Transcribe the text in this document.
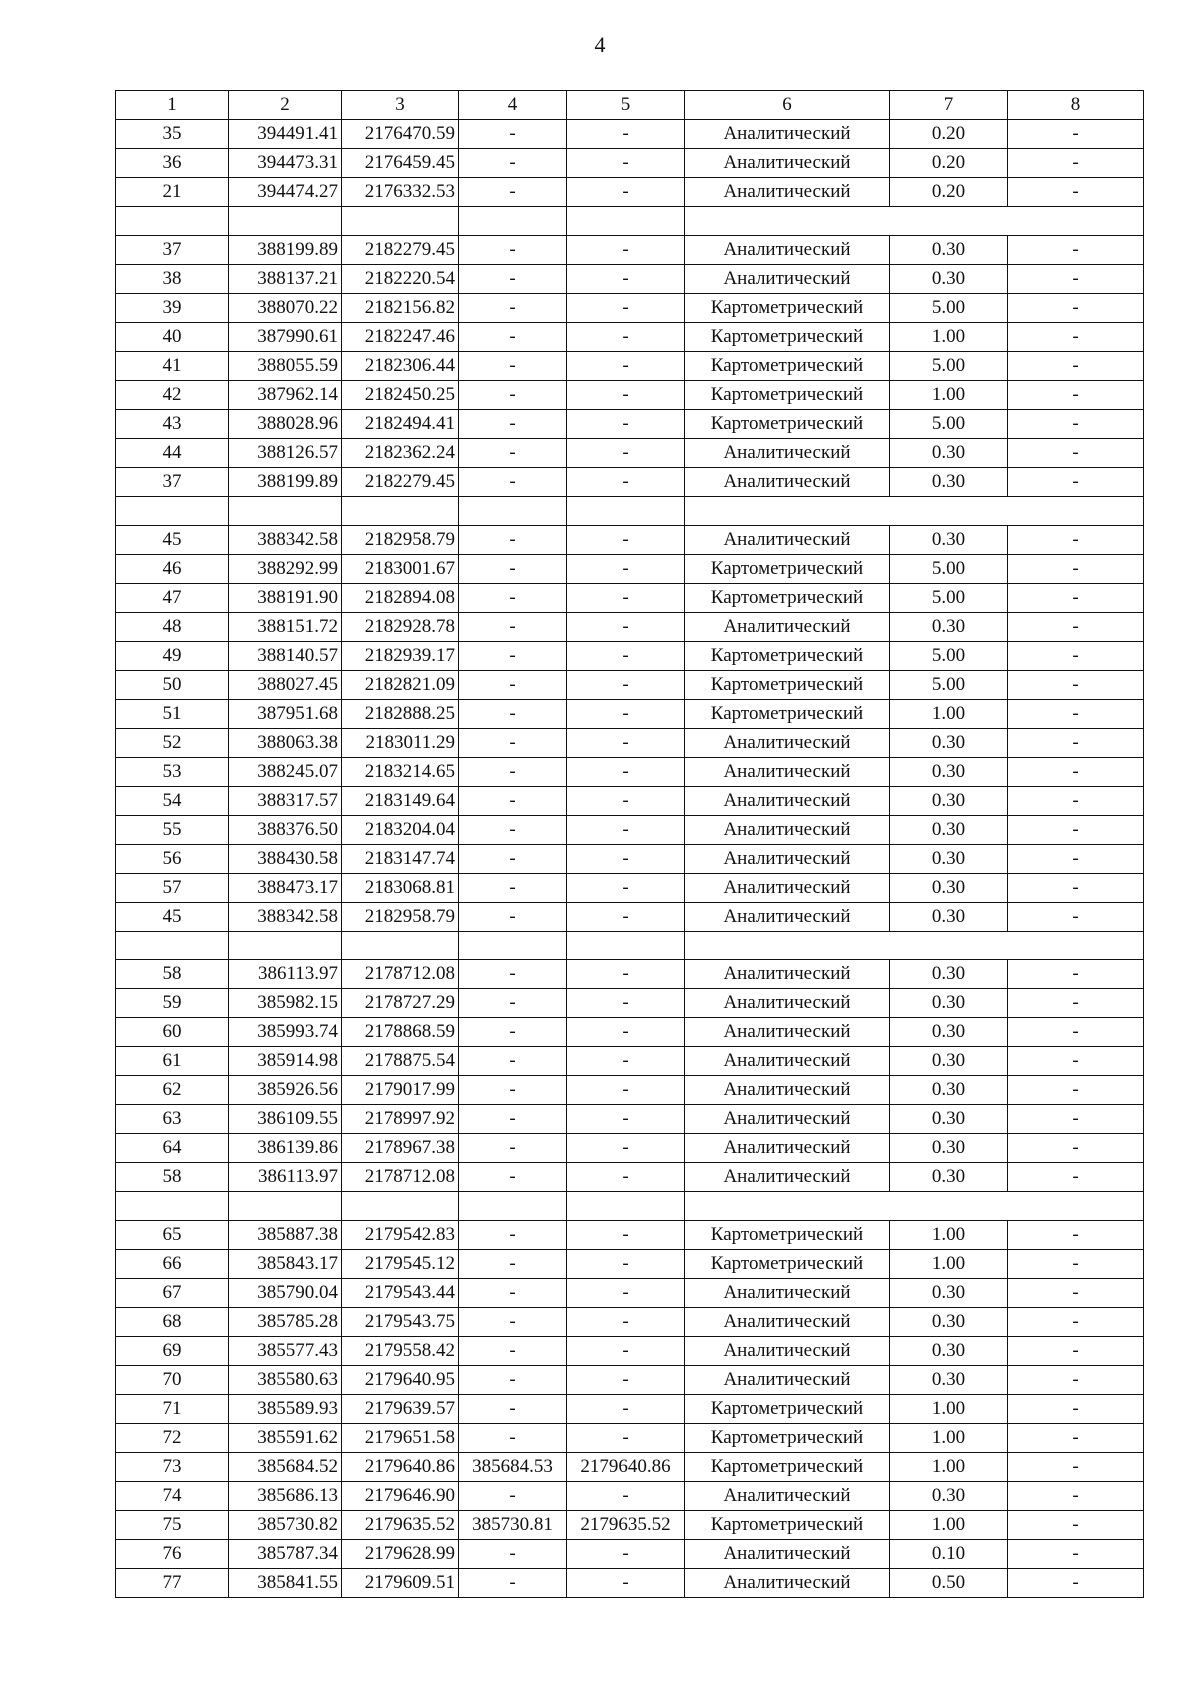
4
1	2	3	4	5	6	7	8
35	394491.41	2176470.59	-	-	Аналитический	0.20	-
36	394473.31	2176459.45	-	-	Аналитический	0.20	-
21	394474.27	2176332.53	-	-	Аналитический	0.20	-

37	388199.89	2182279.45	-	-	Аналитический	0.30	-
38	388137.21	2182220.54	-	-	Аналитический	0.30	-
39	388070.22	2182156.82	-	-	Картометрический	5.00	-
40	387990.61	2182247.46	-	-	Картометрический	1.00	-
41	388055.59	2182306.44	-	-	Картометрический	5.00	-
42	387962.14	2182450.25	-	-	Картометрический	1.00	-
43	388028.96	2182494.41	-	-	Картометрический	5.00	-
44	388126.57	2182362.24	-	-	Аналитический	0.30	-
37	388199.89	2182279.45	-	-	Аналитический	0.30	-

45	388342.58	2182958.79	-	-	Аналитический	0.30	-
46	388292.99	2183001.67	-	-	Картометрический	5.00	-
47	388191.90	2182894.08	-	-	Картометрический	5.00	-
48	388151.72	2182928.78	-	-	Аналитический	0.30	-
49	388140.57	2182939.17	-	-	Картометрический	5.00	-
50	388027.45	2182821.09	-	-	Картометрический	5.00	-
51	387951.68	2182888.25	-	-	Картометрический	1.00	-
52	388063.38	2183011.29	-	-	Аналитический	0.30	-
53	388245.07	2183214.65	-	-	Аналитический	0.30	-
54	388317.57	2183149.64	-	-	Аналитический	0.30	-
55	388376.50	2183204.04	-	-	Аналитический	0.30	-
56	388430.58	2183147.74	-	-	Аналитический	0.30	-
57	388473.17	2183068.81	-	-	Аналитический	0.30	-
45	388342.58	2182958.79	-	-	Аналитический	0.30	-

58	386113.97	2178712.08	-	-	Аналитический	0.30	-
59	385982.15	2178727.29	-	-	Аналитический	0.30	-
60	385993.74	2178868.59	-	-	Аналитический	0.30	-
61	385914.98	2178875.54	-	-	Аналитический	0.30	-
62	385926.56	2179017.99	-	-	Аналитический	0.30	-
63	386109.55	2178997.92	-	-	Аналитический	0.30	-
64	386139.86	2178967.38	-	-	Аналитический	0.30	-
58	386113.97	2178712.08	-	-	Аналитический	0.30	-

65	385887.38	2179542.83	-	-	Картометрический	1.00	-
66	385843.17	2179545.12	-	-	Картометрический	1.00	-
67	385790.04	2179543.44	-	-	Аналитический	0.30	-
68	385785.28	2179543.75	-	-	Аналитический	0.30	-
69	385577.43	2179558.42	-	-	Аналитический	0.30	-
70	385580.63	2179640.95	-	-	Аналитический	0.30	-
71	385589.93	2179639.57	-	-	Картометрический	1.00	-
72	385591.62	2179651.58	-	-	Картометрический	1.00	-
73	385684.52	2179640.86	385684.53	2179640.86	Картометрический	1.00	-
74	385686.13	2179646.90	-	-	Аналитический	0.30	-
75	385730.82	2179635.52	385730.81	2179635.52	Картометрический	1.00	-
76	385787.34	2179628.99	-	-	Аналитический	0.10	-
77	385841.55	2179609.51	-	-	Аналитический	0.50	-
